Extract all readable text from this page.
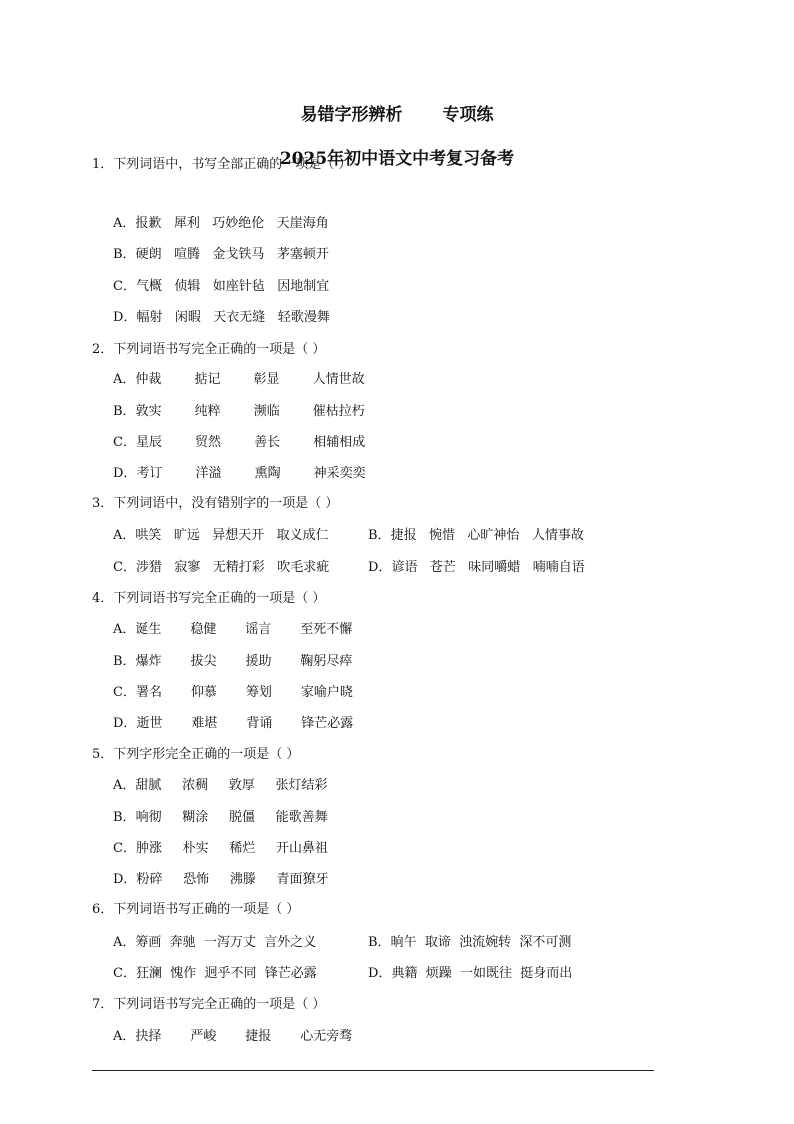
易错字形辨析 专项练
2025年初中语文中考复习备考
1．下列词语中，书写全部正确的一项是（ ）
A．报歉 犀利 巧妙绝伦 天崖海角
B．硬朗 喧腾 金戈铁马 茅塞顿开
C．气概 侦辑 如座针毡 因地制宜
D．幅射 闲暇 天衣无缝 轻歌漫舞
2．下列词语书写完全正确的一项是（ ）
A．仲裁	掂记	彰显	人情世故
B．敦实	纯粹	濒临	催枯拉朽
C．星辰	贸然	善长	相辅相成
D．考订	洋溢	熏陶	神采奕奕
3．下列词语中，没有错别字的一项是（ ）
A．哄笑 旷远 异想天开 取义成仁	B．捷报 惋惜 心旷神怡 人情事故
C．涉猎 寂寥 无精打彩 吹毛求疵	D．谚语 苍芒 味同嚼蜡 喃喃自语
4．下列词语书写完全正确的一项是（ ）
A．诞生 稳健 谣言 至死不懈
B．爆炸 拔尖 援助 鞠躬尽瘁
C．署名 仰慕 筹划 家喻户晓
D．逝世 难堪 背诵 锋芒必露
5．下列字形完全正确的一项是（ ）
A．甜腻 浓稠 敦厚 张灯结彩
B．响彻 糊涂 脱僵 能歌善舞
C．肿涨 朴实 稀烂 开山鼻祖
D．粉碎 恐怖 沸滕 青面獠牙
6．下列词语书写正确的一项是（ ）
A．筹画 奔驰 一泻万丈 言外之义	B．晌午 取谛 浊流婉转 深不可测
C．狂澜 愧作 迥乎不同 锋芒必露	D．典籍 烦躁 一如既往 挺身而出
7．下列词语书写完全正确的一项是（ ）
A．抉择 严峻 捷报 心无旁骛
